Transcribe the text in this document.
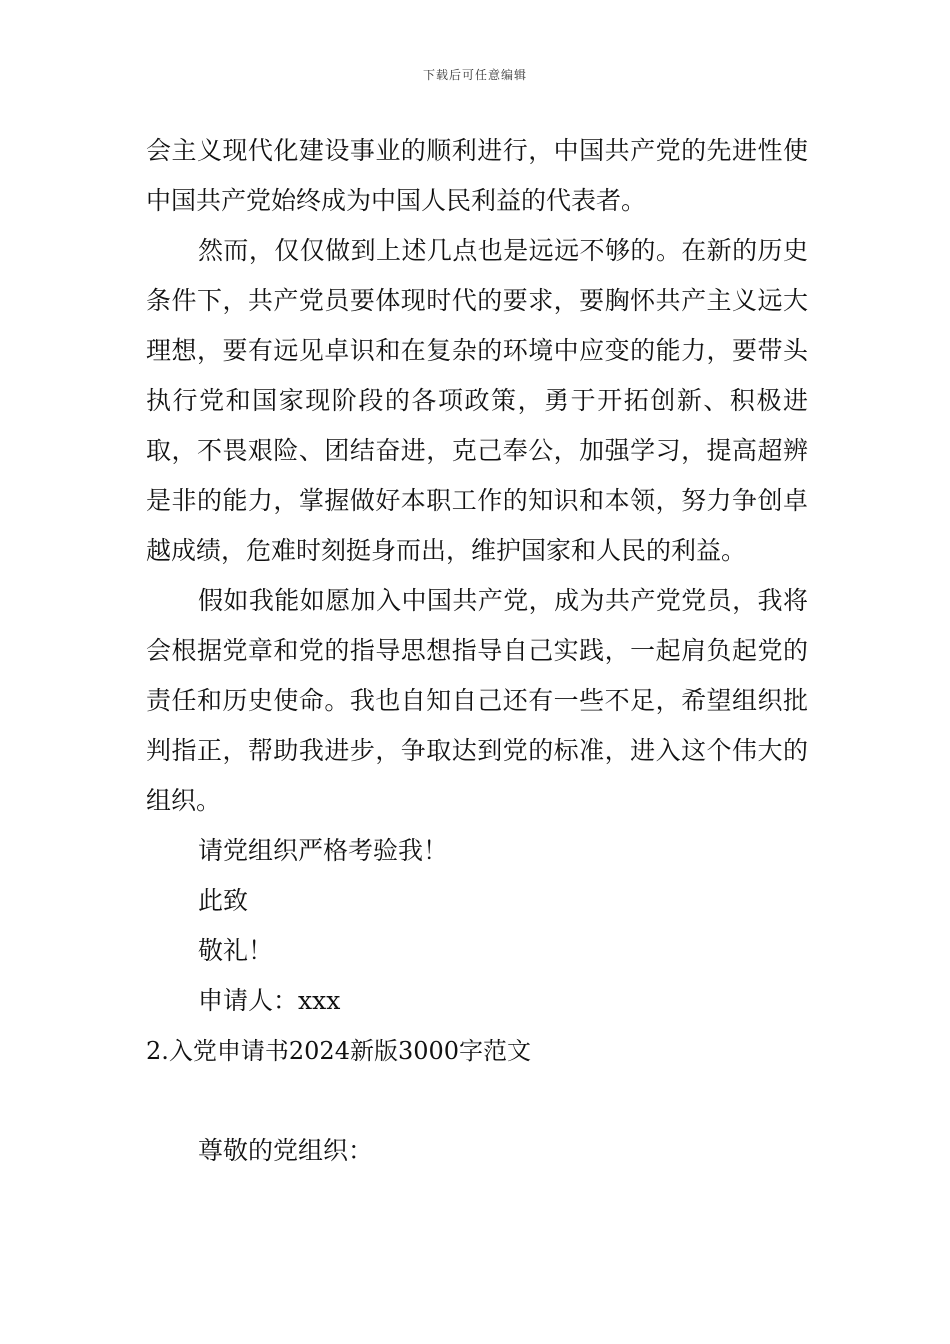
下载后可任意编辑

会主义现代化建设事业的顺利进行，中国共产党的先进性使中国共产党始终成为中国人民利益的代表者。

然而，仅仅做到上述几点也是远远不够的。在新的历史条件下，共产党员要体现时代的要求，要胸怀共产主义远大理想，要有远见卓识和在复杂的环境中应变的能力，要带头执行党和国家现阶段的各项政策，勇于开拓创新、积极进取，不畏艰险、团结奋进，克己奉公，加强学习，提高超辨是非的能力，掌握做好本职工作的知识和本领，努力争创卓越成绩，危难时刻挺身而出，维护国家和人民的利益。

假如我能如愿加入中国共产党，成为共产党党员，我将会根据党章和党的指导思想指导自己实践，一起肩负起党的责任和历史使命。我也自知自己还有一些不足，希望组织批判指正，帮助我进步，争取达到党的标准，进入这个伟大的组织。

请党组织严格考验我！

此致

敬礼！

申请人：xxx

2.入党申请书2024新版3000字范文

尊敬的党组织：
